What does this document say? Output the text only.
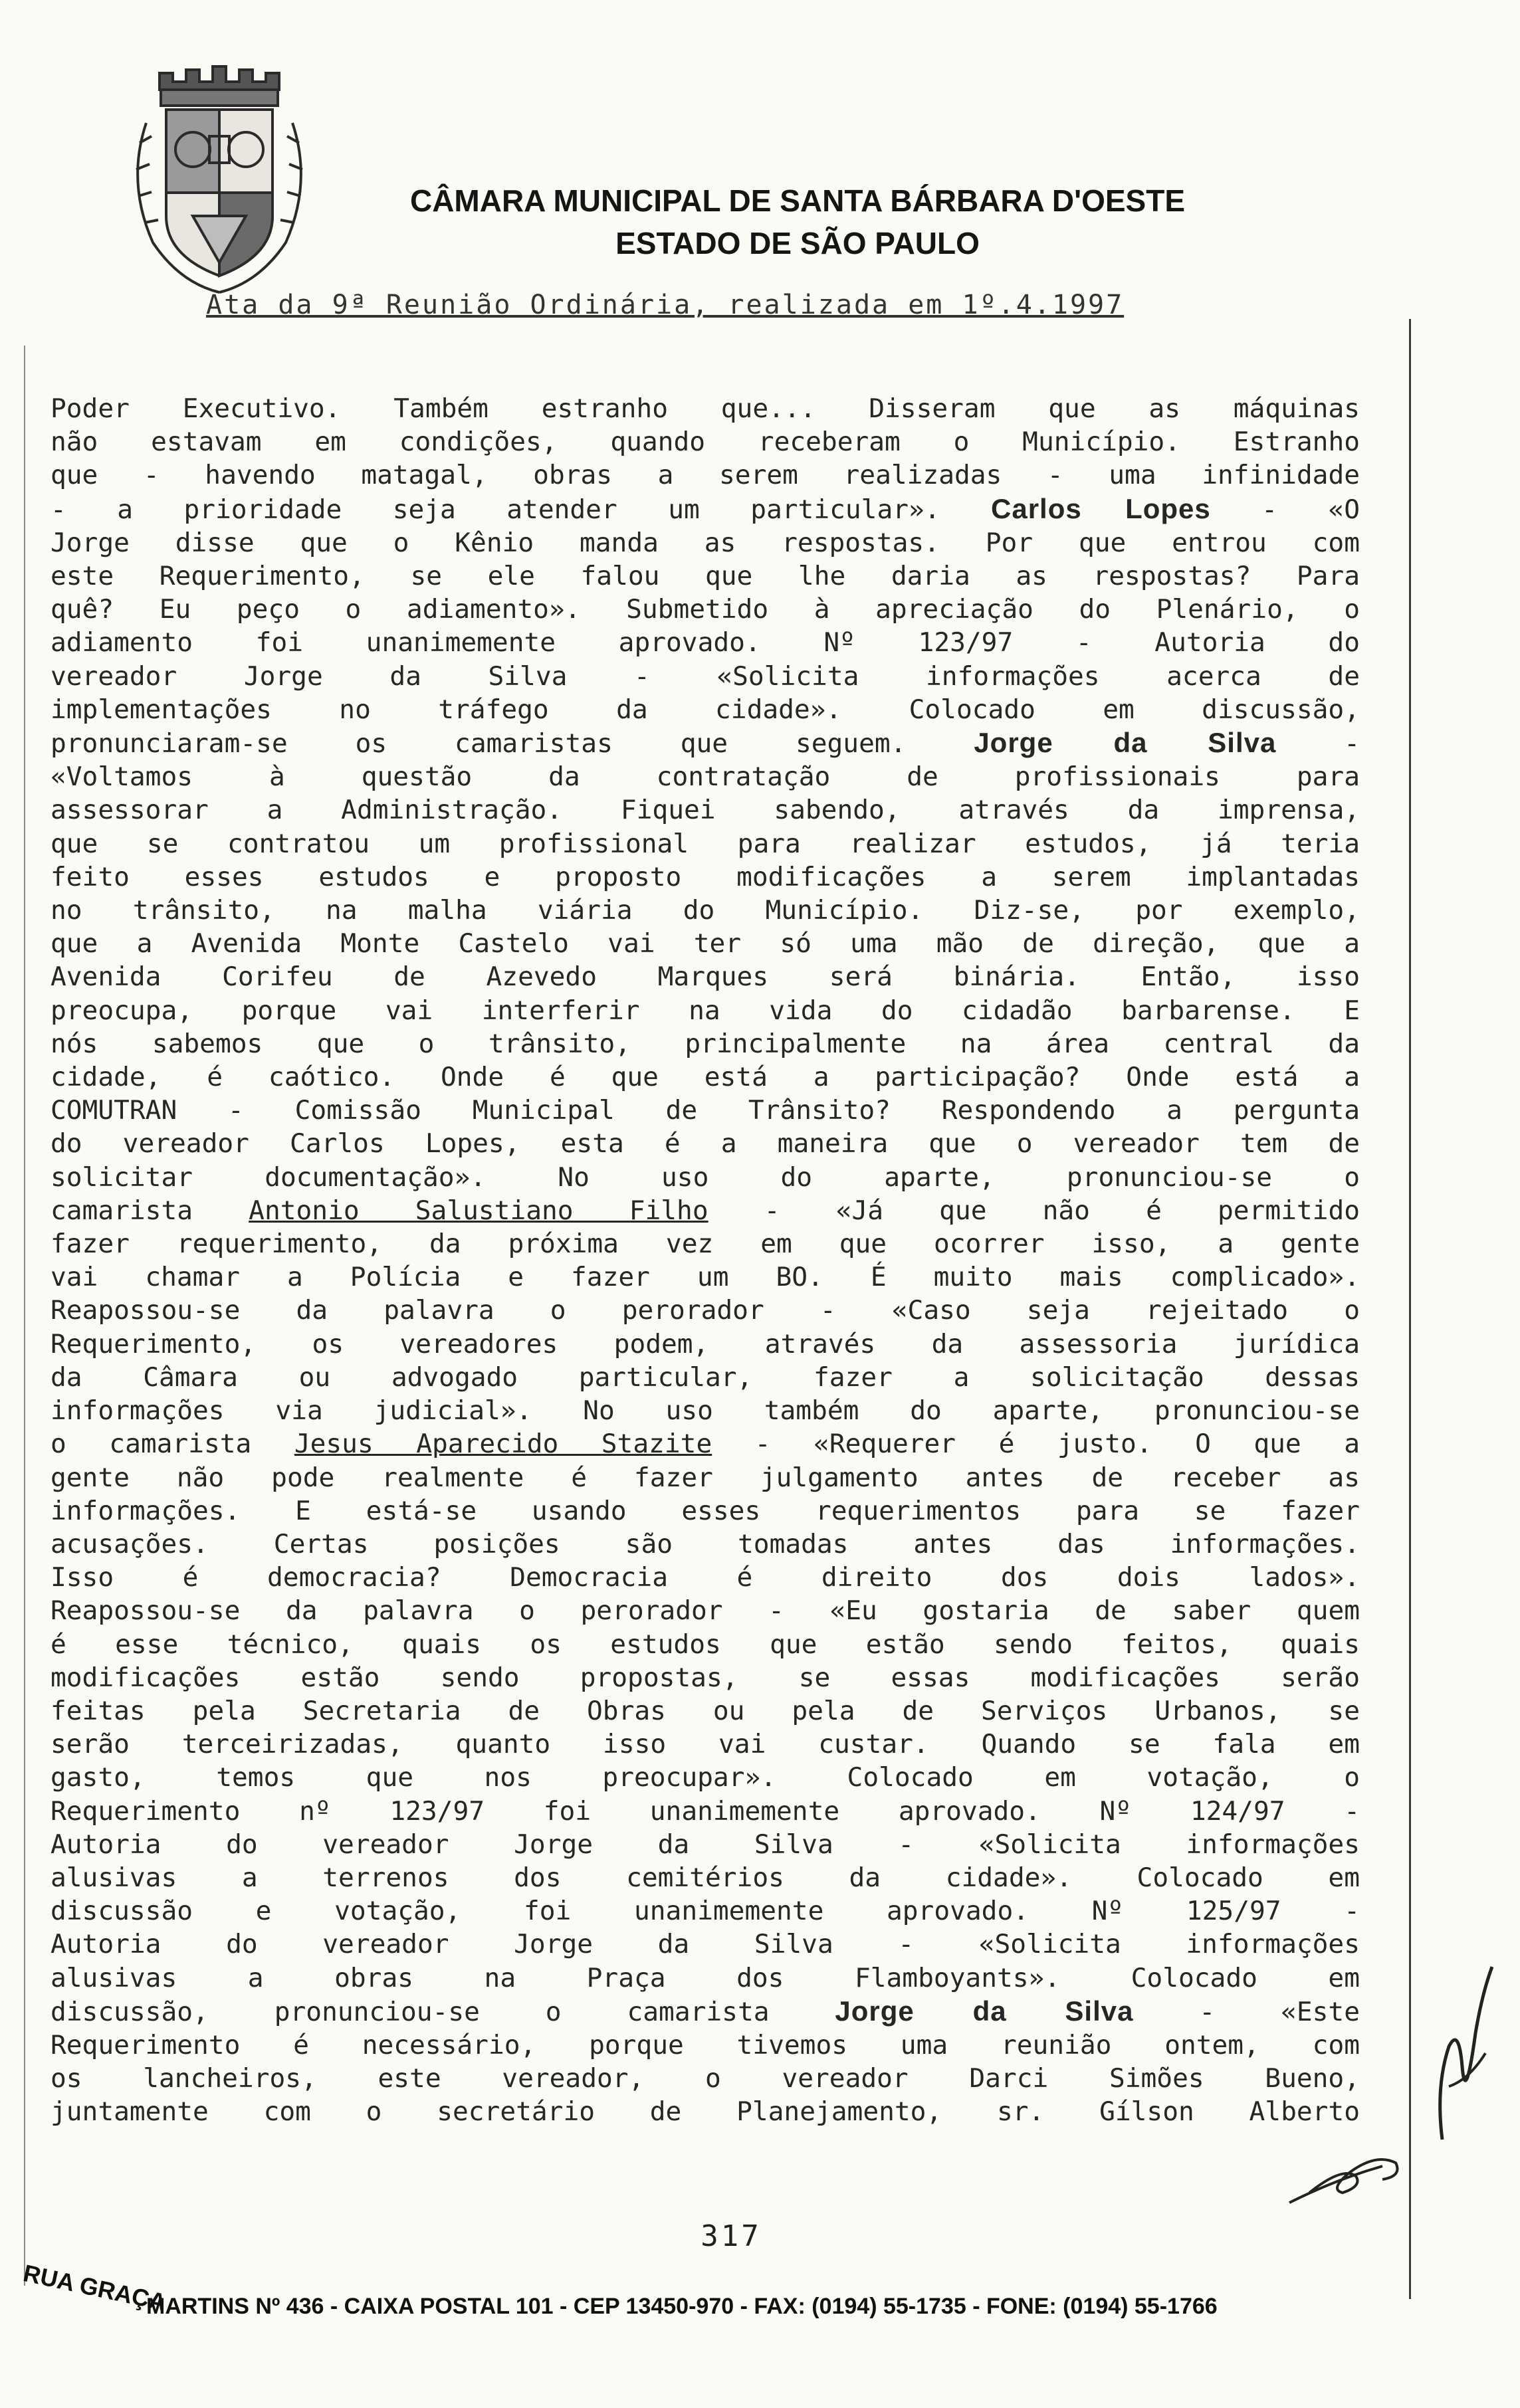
CÂMARA MUNICIPAL DE SANTA BÁRBARA D'OESTE
ESTADO DE SÃO PAULO
Ata da 9ª Reunião Ordinária, realizada em 1º.4.1997

Poder Executivo. Também estranho que... Disseram que as máquinas

não estavam em condições, quando receberam o Município. Estranho

que - havendo matagal, obras a serem realizadas - uma infinidade

- a prioridade seja atender um particular». Carlos Lopes - «O

Jorge disse que o Kênio manda as respostas. Por que entrou com

este Requerimento, se ele falou que lhe daria as respostas? Para

quê? Eu peço o adiamento». Submetido à apreciação do Plenário, o

adiamento foi unanimemente aprovado. Nº 123/97 - Autoria do

vereador Jorge da Silva - «Solicita informações acerca de

implementações no tráfego da cidade». Colocado em discussão,

pronunciaram-se os camaristas que seguem. Jorge da Silva -

«Voltamos à questão da contratação de profissionais para

assessorar a Administração. Fiquei sabendo, através da imprensa,

que se contratou um profissional para realizar estudos, já teria

feito esses estudos e proposto modificações a serem implantadas

no trânsito, na malha viária do Município. Diz-se, por exemplo,

que a Avenida Monte Castelo vai ter só uma mão de direção, que a

Avenida Corifeu de Azevedo Marques será binária. Então, isso

preocupa, porque vai interferir na vida do cidadão barbarense. E

nós sabemos que o trânsito, principalmente na área central da

cidade, é caótico. Onde é que está a participação? Onde está a

COMUTRAN - Comissão Municipal de Trânsito? Respondendo a pergunta

do vereador Carlos Lopes, esta é a maneira que o vereador tem de

solicitar documentação». No uso do aparte, pronunciou-se o

camarista Antonio Salustiano Filho - «Já que não é permitido

fazer requerimento, da próxima vez em que ocorrer isso, a gente

vai chamar a Polícia e fazer um BO. É muito mais complicado».

Reapossou-se da palavra o perorador - «Caso seja rejeitado o

Requerimento, os vereadores podem, através da assessoria jurídica

da Câmara ou advogado particular, fazer a solicitação dessas

informações via judicial». No uso também do aparte, pronunciou-se

o camarista Jesus Aparecido Stazite - «Requerer é justo. O que a

gente não pode realmente é fazer julgamento antes de receber as

informações. E está-se usando esses requerimentos para se fazer

acusações. Certas posições são tomadas antes das informações.

Isso é democracia? Democracia é direito dos dois lados».

Reapossou-se da palavra o perorador - «Eu gostaria de saber quem

é esse técnico, quais os estudos que estão sendo feitos, quais

modificações estão sendo propostas, se essas modificações serão

feitas pela Secretaria de Obras ou pela de Serviços Urbanos, se

serão terceirizadas, quanto isso vai custar. Quando se fala em

gasto, temos que nos preocupar». Colocado em votação, o

Requerimento nº 123/97 foi unanimemente aprovado. Nº 124/97 -

Autoria do vereador Jorge da Silva - «Solicita informações

alusivas a terrenos dos cemitérios da cidade». Colocado em

discussão e votação, foi unanimemente aprovado. Nº 125/97 -

Autoria do vereador Jorge da Silva - «Solicita informações

alusivas a obras na Praça dos Flamboyants». Colocado em

discussão, pronunciou-se o camarista Jorge da Silva - «Este

Requerimento é necessário, porque tivemos uma reunião ontem, com

os lancheiros, este vereador, o vereador Darci Simões Bueno,

juntamente com o secretário de Planejamento, sr. Gílson Alberto

317
RUA GRAÇA
MARTINS Nº 436 - CAIXA POSTAL 101 - CEP 13450-970 - FAX: (0194) 55-1735 - FONE: (0194) 55-1766
